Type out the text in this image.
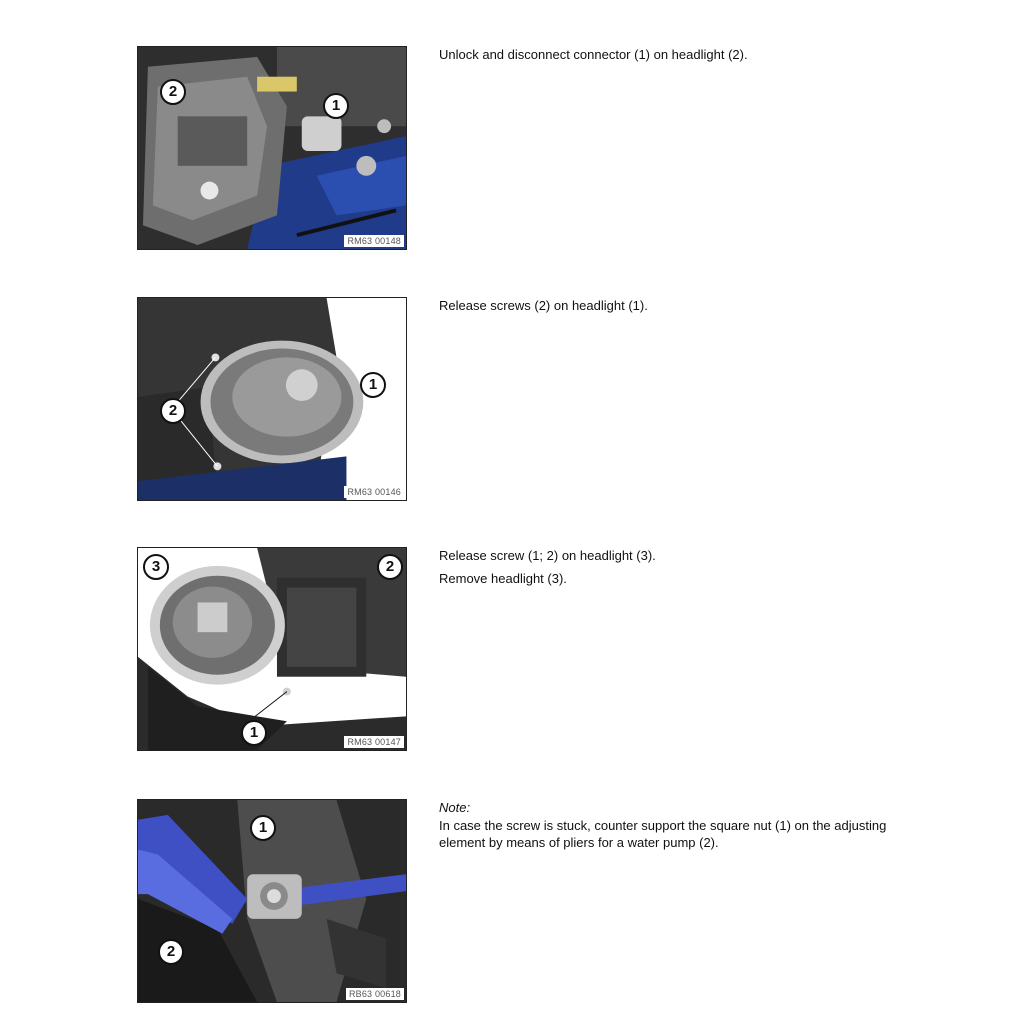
2
1
RM63 00148

Unlock and disconnect connector (1) on headlight (2).

1
2
RM63 00146

Release screws (2) on headlight (1).

3	2
1
RM63 00147

Release screw (1; 2) on headlight (3).

Remove headlight (3).

1
2
RB63 00618

Note:

In case the screw is stuck, counter support the square nut (1) on the adjusting element by means of pliers for a water pump (2).
